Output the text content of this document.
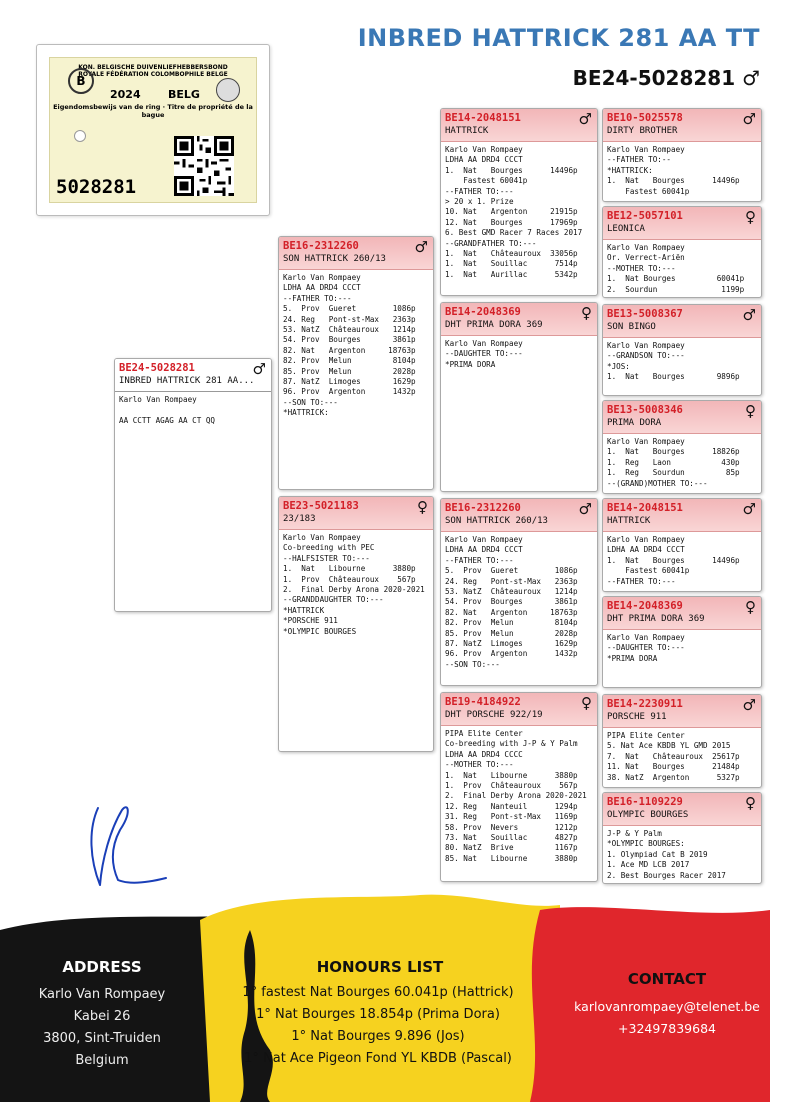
INBRED HATTRICK 281 AA TT
BE24-5028281 ♂
KON. BELGISCHE DUIVENLIEFHEBBERSBOND
ROYALE FÉDÉRATION COLOMBOPHILE BELGE
B
2024 BELG
Eigendomsbewijs van de ring · Titre de propriété de la bague
5028281
BE24-5028281
INBRED HATTRICK 281 AA...
♂
Karlo Van Rompaey

AA CCTT AGAG AA CT QQ
BE16-2312260
SON HATTRICK 260/13
♂
Karlo Van Rompaey
LDHA AA DRD4 CCCT
--FATHER TO:---
5.  Prov  Gueret        1086p
24. Reg   Pont-st-Max   2363p
53. NatZ  Châteauroux   1214p
54. Prov  Bourges       3861p
82. Nat   Argenton     18763p
82. Prov  Melun         8104p
85. Prov  Melun         2028p
87. NatZ  Limoges       1629p
96. Prov  Argenton      1432p
--SON TO:---
*HATTRICK:
BE23-5021183
23/183
♀
Karlo Van Rompaey
Co-breeding with PEC
--HALFSISTER TO:---
1.  Nat   Libourne      3880p
1.  Prov  Châteauroux    567p
2.  Final Derby Arona 2020-2021
--GRANDDAUGHTER TO:---
*HATTRICK
*PORSCHE 911
*OLYMPIC BOURGES
BE14-2048151
HATTRICK
♂
Karlo Van Rompaey
LDHA AA DRD4 CCCT
1.  Nat   Bourges      14496p
Fastest 60041p
--FATHER TO:---
> 20 x 1. Prize
10. Nat   Argenton     21915p
12. Nat   Bourges      17969p
6. Best GMD Racer 7 Races 2017
--GRANDFATHER TO:---
1.  Nat   Châteauroux  33056p
1.  Nat   Souillac      7514p
1.  Nat   Aurillac      5342p
BE14-2048369
DHT PRIMA DORA 369
♀
Karlo Van Rompaey
--DAUGHTER TO:---
*PRIMA DORA
BE16-2312260
SON HATTRICK 260/13
♂
Karlo Van Rompaey
LDHA AA DRD4 CCCT
--FATHER TO:---
5.  Prov  Gueret        1086p
24. Reg   Pont-st-Max   2363p
53. NatZ  Châteauroux   1214p
54. Prov  Bourges       3861p
82. Nat   Argenton     18763p
82. Prov  Melun         8104p
85. Prov  Melun         2028p
87. NatZ  Limoges       1629p
96. Prov  Argenton      1432p
--SON TO:---
BE19-4184922
DHT PORSCHE 922/19
♀
PIPA Elite Center
Co-breeding with J-P & Y Palm
LDHA AA DRD4 CCCC
--MOTHER TO:---
1.  Nat   Libourne      3880p
1.  Prov  Châteauroux    567p
2.  Final Derby Arona 2020-2021
12. Reg   Nanteuil      1294p
31. Reg   Pont-st-Max   1169p
58. Prov  Nevers        1212p
73. Nat   Souillac      4827p
80. NatZ  Brive         1167p
85. Nat   Libourne      3880p
BE10-5025578
DIRTY BROTHER
♂
Karlo Van Rompaey
--FATHER TO:--
*HATTRICK:
1.  Nat   Bourges      14496p
Fastest 60041p
BE12-5057101
LEONICA
♀
Karlo Van Rompaey
Or. Verrect-Ariën
--MOTHER TO:---
1.  Nat Bourges         60041p
2.  Sourdun              1199p
BE13-5008367
SON BINGO
♂
Karlo Van Rompaey
--GRANDSON TO:---
*JOS:
1.  Nat   Bourges       9896p
BE13-5008346
PRIMA DORA
♀
Karlo Van Rompaey
1.  Nat   Bourges      18826p
1.  Reg   Laon           430p
1.  Reg   Sourdun         85p
--(GRAND)MOTHER TO:---
BE14-2048151
HATTRICK
♂
Karlo Van Rompaey
LDHA AA DRD4 CCCT
1.  Nat   Bourges      14496p
Fastest 60041p
--FATHER TO:---
BE14-2048369
DHT PRIMA DORA 369
♀
Karlo Van Rompaey
--DAUGHTER TO:---
*PRIMA DORA
BE14-2230911
PORSCHE 911
♂
PIPA Elite Center
5. Nat Ace KBDB YL GMD 2015
7.  Nat   Châteauroux  25617p
11. Nat   Bourges      21484p
38. NatZ  Argenton      5327p
BE16-1109229
OLYMPIC BOURGES
♀
J-P & Y Palm
*OLYMPIC BOURGES:
1. Olympiad Cat B 2019
1. Ace MD LCB 2017
2. Best Bourges Racer 2017
ADDRESS
Karlo Van Rompaey
Kabei 26
3800, Sint-Truiden
Belgium
HONOURS LIST
1° fastest Nat Bourges 60.041p (Hattrick)
1° Nat Bourges 18.854p (Prima Dora)
1° Nat Bourges 9.896 (Jos)
1° Nat Ace Pigeon Fond YL KBDB (Pascal)
CONTACT
karlovanrompaey@telenet.be
+32497839684
